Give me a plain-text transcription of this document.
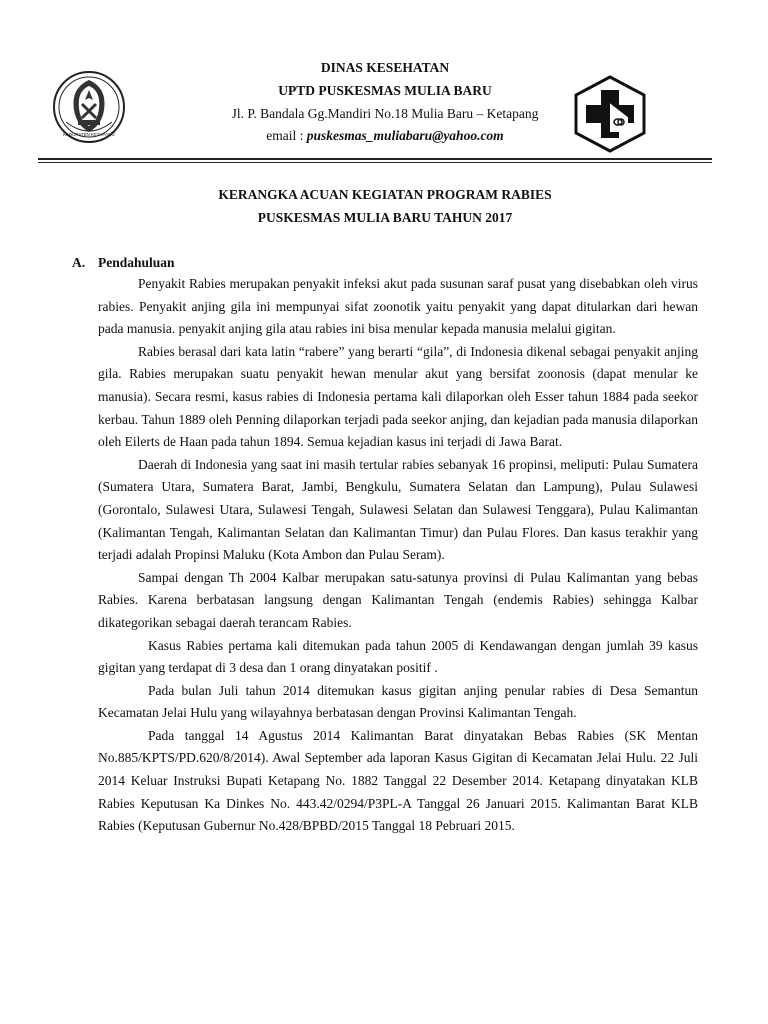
KABUPATEN KETAPANG
DINAS KESEHATAN
UPTD PUSKESMAS MULIA BARU
Jl. P. Bandala Gg.Mandiri No.18 Mulia Baru – Ketapang
email : puskesmas_muliabaru@yahoo.com
KERANGKA ACUAN KEGIATAN PROGRAM RABIES
PUSKESMAS MULIA BARU TAHUN 2017
A. Pendahuluan

Penyakit Rabies merupakan penyakit infeksi akut pada susunan saraf pusat yang disebabkan oleh virus rabies. Penyakit anjing gila ini mempunyai sifat zoonotik yaitu penyakit yang dapat ditularkan dari hewan pada manusia. penyakit anjing gila atau rabies ini bisa menular kepada manusia melalui gigitan.

Rabies berasal dari kata latin “rabere” yang berarti “gila”, di Indonesia dikenal sebagai penyakit anjing gila. Rabies merupakan suatu penyakit hewan menular akut yang bersifat zoonosis (dapat menular ke manusia). Secara resmi, kasus rabies di Indonesia pertama kali dilaporkan oleh Esser tahun 1884 pada seekor kerbau. Tahun 1889 oleh Penning dilaporkan terjadi pada seekor anjing, dan kejadian pada manusia dilaporkan oleh Eilerts de Haan pada tahun 1894. Semua kejadian kasus ini terjadi di Jawa Barat.

Daerah di Indonesia yang saat ini masih tertular rabies sebanyak 16 propinsi, meliputi: Pulau Sumatera (Sumatera Utara, Sumatera Barat, Jambi, Bengkulu, Sumatera Selatan dan Lampung), Pulau Sulawesi (Gorontalo, Sulawesi Utara, Sulawesi Tengah, Sulawesi Selatan dan Sulawesi Tenggara), Pulau Kalimantan (Kalimantan Tengah, Kalimantan Selatan dan Kalimantan Timur) dan Pulau Flores. Dan kasus terakhir yang terjadi adalah Propinsi Maluku (Kota Ambon dan Pulau Seram).

Sampai dengan Th 2004 Kalbar merupakan satu-satunya provinsi di Pulau Kalimantan yang bebas Rabies. Karena berbatasan langsung dengan Kalimantan Tengah (endemis Rabies) sehingga Kalbar dikategorikan sebagai daerah terancam Rabies.

Kasus Rabies pertama kali ditemukan pada tahun 2005 di Kendawangan dengan jumlah 39 kasus gigitan yang terdapat di 3 desa dan 1 orang dinyatakan positif .

Pada bulan Juli tahun 2014 ditemukan kasus gigitan anjing penular rabies di Desa Semantun Kecamatan Jelai Hulu yang wilayahnya berbatasan dengan Provinsi Kalimantan Tengah.

Pada tanggal 14 Agustus 2014 Kalimantan Barat dinyatakan Bebas Rabies (SK Mentan No.885/KPTS/PD.620/8/2014). Awal September ada laporan Kasus Gigitan di Kecamatan Jelai Hulu. 22 Juli 2014 Keluar Instruksi Bupati Ketapang No. 1882 Tanggal 22 Desember 2014. Ketapang dinyatakan KLB Rabies Keputusan Ka Dinkes No. 443.42/0294/P3PL-A Tanggal 26 Januari 2015. Kalimantan Barat KLB Rabies (Keputusan Gubernur No.428/BPBD/2015 Tanggal 18 Pebruari 2015.
